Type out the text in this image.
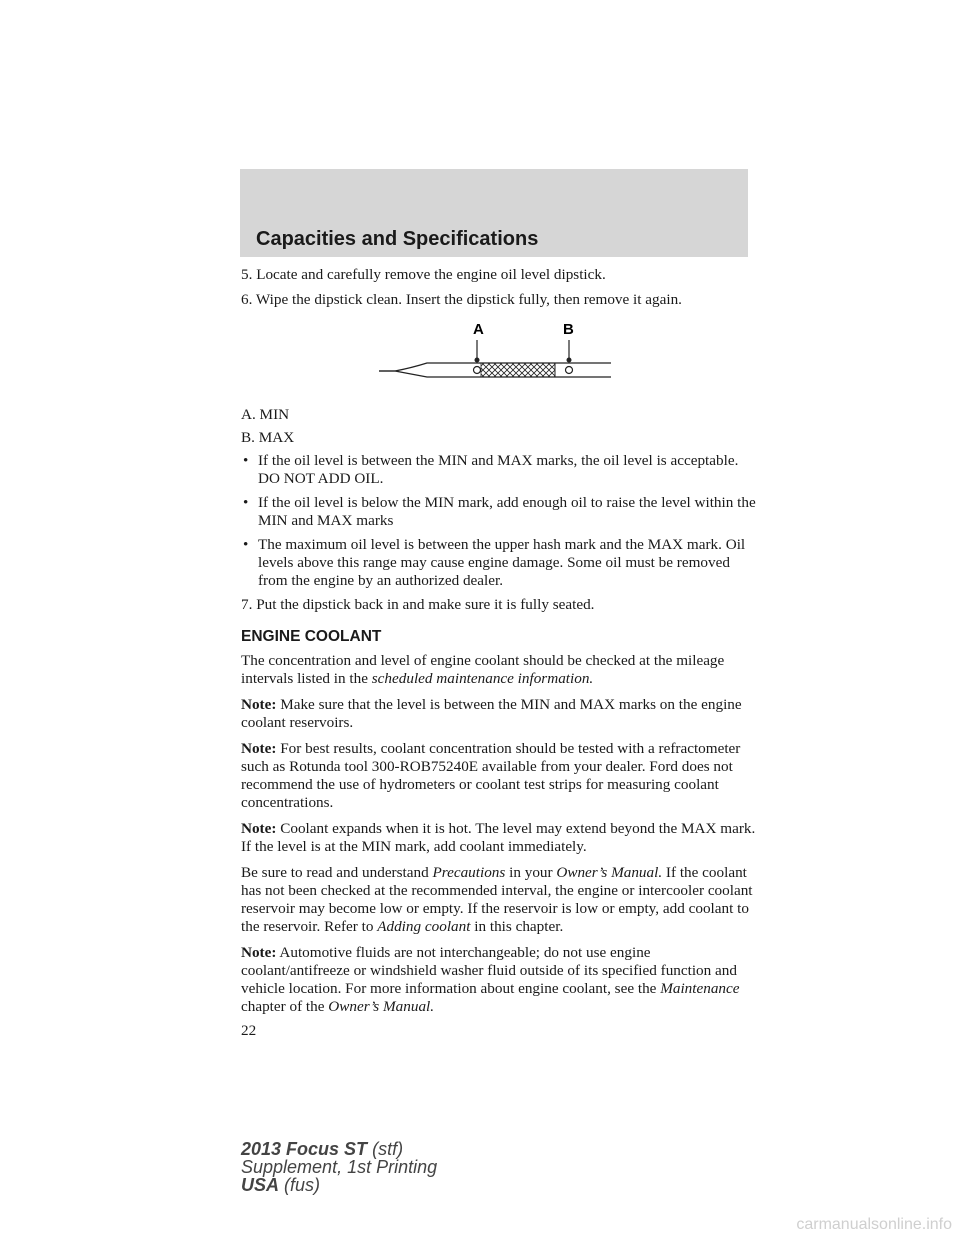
Capacities and Specifications

5. Locate and carefully remove the engine oil level dipstick.

6. Wipe the dipstick clean. Insert the dipstick fully, then remove it again.

A	B

A. MIN

B. MAX

• If the oil level is between the MIN and MAX marks, the oil level is acceptable. DO NOT ADD OIL.
• If the oil level is below the MIN mark, add enough oil to raise the level within the MIN and MAX marks
• The maximum oil level is between the upper hash mark and the MAX mark. Oil levels above this range may cause engine damage. Some oil must be removed from the engine by an authorized dealer.

7. Put the dipstick back in and make sure it is fully seated.

ENGINE COOLANT

The concentration and level of engine coolant should be checked at the mileage intervals listed in the scheduled maintenance information.

Note: Make sure that the level is between the MIN and MAX marks on the engine coolant reservoirs.

Note: For best results, coolant concentration should be tested with a refractometer such as Rotunda tool 300-ROB75240E available from your dealer. Ford does not recommend the use of hydrometers or coolant test strips for measuring coolant concentrations.

Note: Coolant expands when it is hot. The level may extend beyond the MAX mark. If the level is at the MIN mark, add coolant immediately.

Be sure to read and understand Precautions in your Owner’s Manual. If the coolant has not been checked at the recommended interval, the engine or intercooler coolant reservoir may become low or empty. If the reservoir is low or empty, add coolant to the reservoir. Refer to Adding coolant in this chapter.

Note: Automotive fluids are not interchangeable; do not use engine coolant/antifreeze or windshield washer fluid outside of its specified function and vehicle location. For more information about engine coolant, see the Maintenance chapter of the Owner’s Manual.

22
2013 Focus ST (stf)
Supplement, 1st Printing
USA (fus)
carmanualsonline.info
